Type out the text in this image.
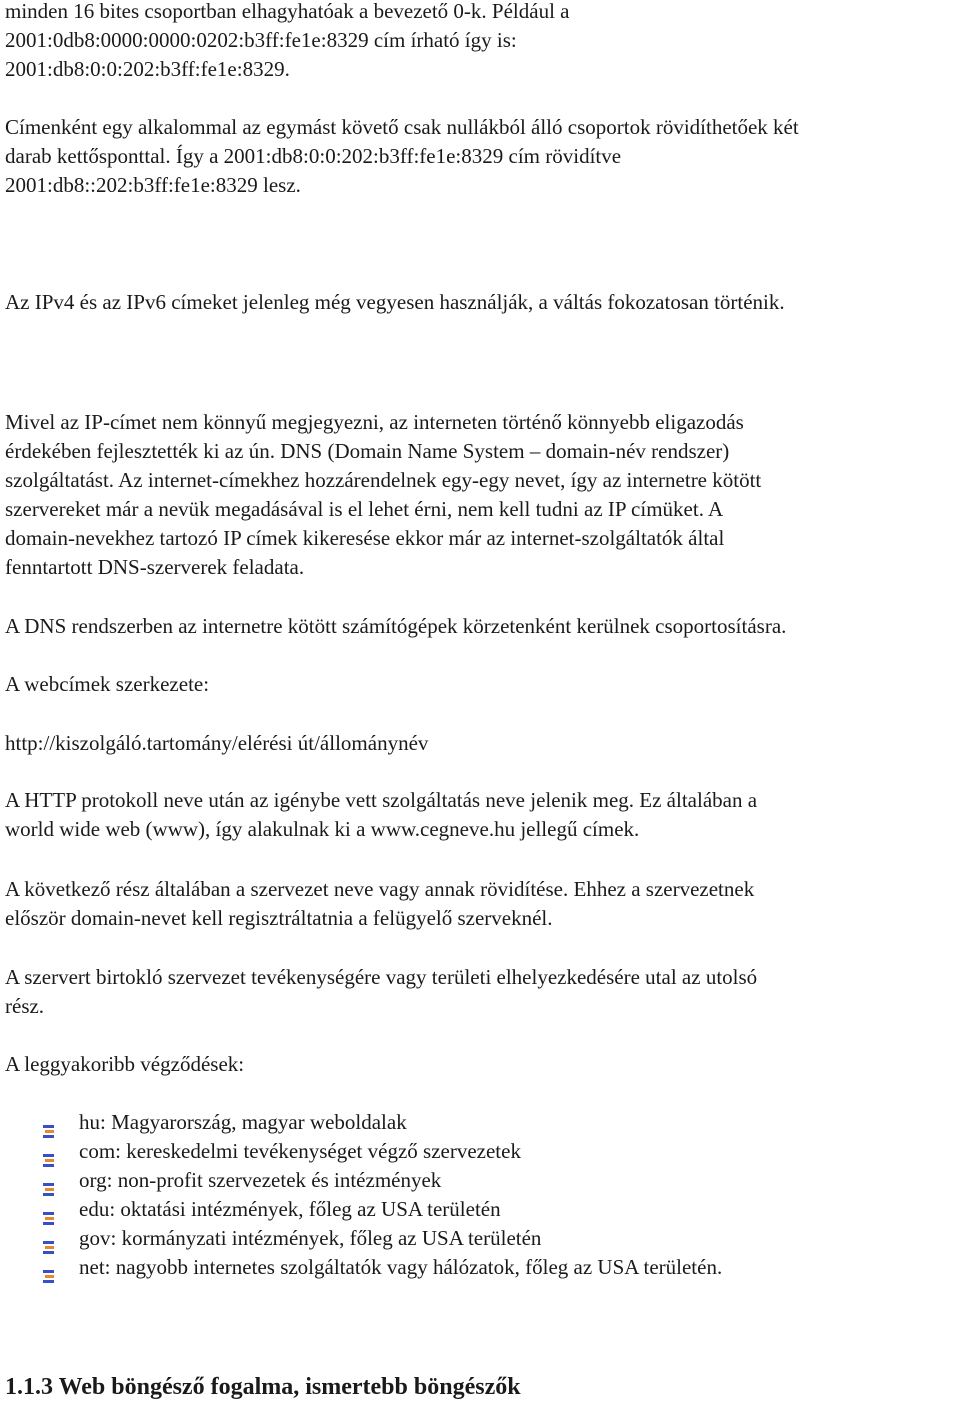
minden 16 bites csoportban elhagyhatóak a bevezető 0-k. Például a
2001:0db8:0000:0000:0202:b3ff:fe1e:8329 cím írható így is:
2001:db8:0:0:202:b3ff:fe1e:8329.
Címenként egy alkalommal az egymást követő csak nullákból álló csoportok rövidíthetőek két
darab kettősponttal. Így a 2001:db8:0:0:202:b3ff:fe1e:8329 cím rövidítve
2001:db8::202:b3ff:fe1e:8329 lesz.
Az IPv4 és az IPv6 címeket jelenleg még vegyesen használják, a váltás fokozatosan történik.
Mivel az IP-címet nem könnyű megjegyezni, az interneten történő könnyebb eligazodás
érdekében fejlesztették ki az ún. DNS (Domain Name System – domain-név rendszer)
szolgáltatást. Az internet-címekhez hozzárendelnek egy-egy nevet, így az internetre kötött
szervereket már a nevük megadásával is el lehet érni, nem kell tudni az IP címüket. A
domain-nevekhez tartozó IP címek kikeresése ekkor már az internet-szolgáltatók által
fenntartott DNS-szerverek feladata.
A DNS rendszerben az internetre kötött számítógépek körzetenként kerülnek csoportosításra.
A webcímek szerkezete:
http://kiszolgáló.tartomány/elérési út/állománynév
A HTTP protokoll neve után az igénybe vett szolgáltatás neve jelenik meg. Ez általában a
world wide web (www), így alakulnak ki a www.cegneve.hu jellegű címek.
A következő rész általában a szervezet neve vagy annak rövidítése. Ehhez a szervezetnek
először domain-nevet kell regisztráltatnia a felügyelő szerveknél.
A szervert birtokló szervezet tevékenységére vagy területi elhelyezkedésére utal az utolsó
rész.
A leggyakoribb végződések:
hu: Magyarország, magyar weboldalak
com: kereskedelmi tevékenységet végző szervezetek
org: non-profit szervezetek és intézmények
edu: oktatási intézmények, főleg az USA területén
gov: kormányzati intézmények, főleg az USA területén
net: nagyobb internetes szolgáltatók vagy hálózatok, főleg az USA területén.
1.1.3 Web böngésző fogalma, ismertebb böngészők
